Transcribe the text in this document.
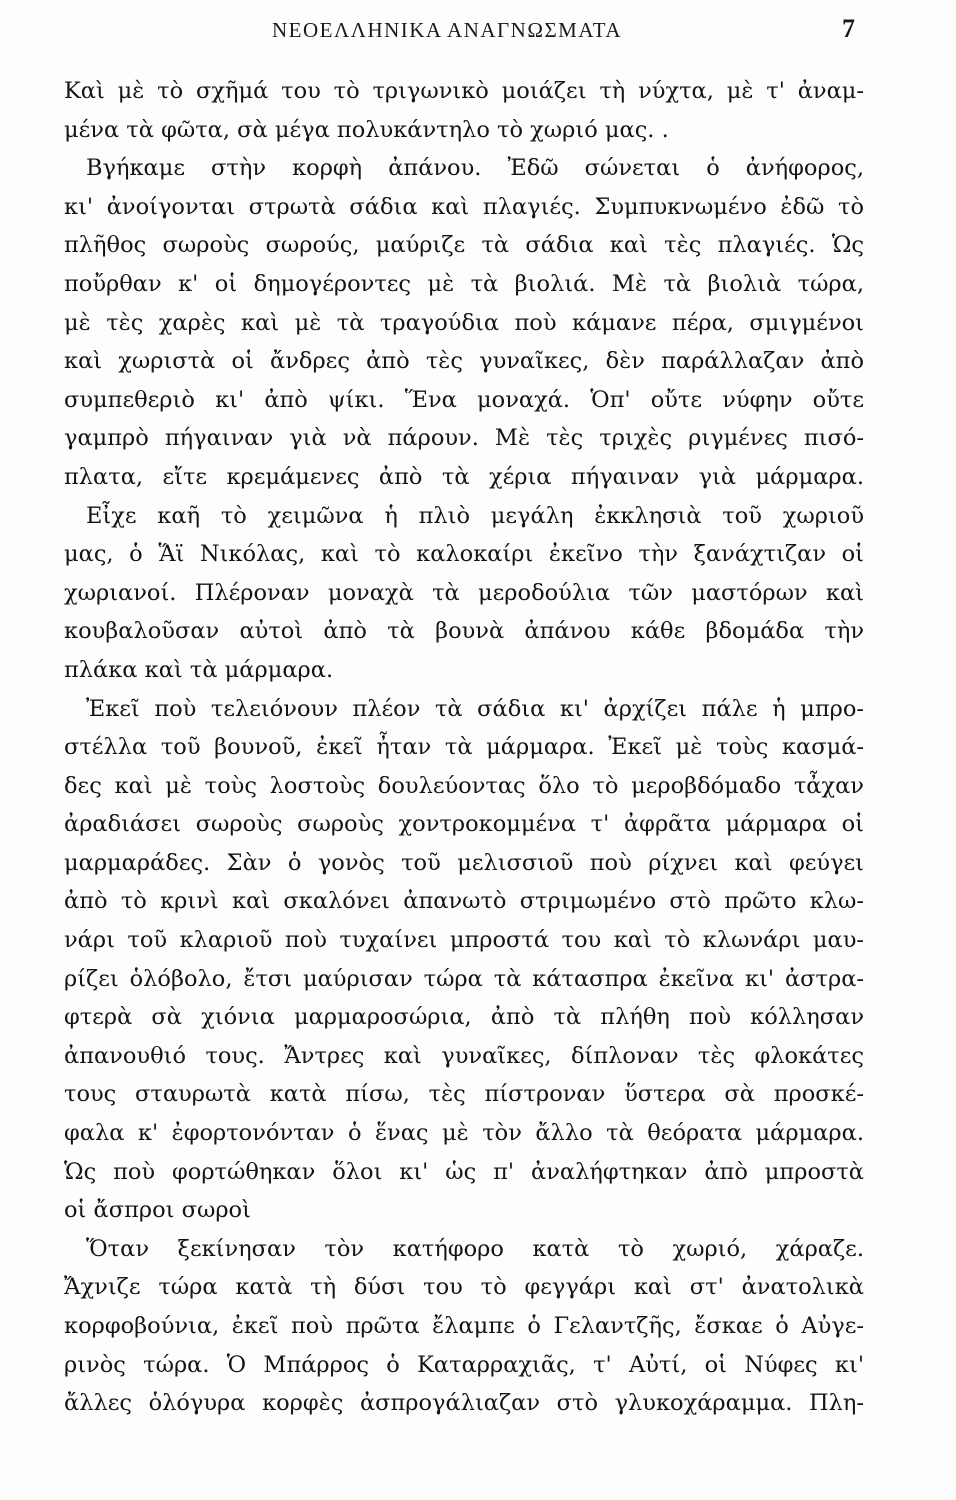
ΝΕΟΕΛΛΗΝΙΚΑ ΑΝΑΓΝΩΣΜΑΤΑ	7
Καὶ μὲ τὸ σχῆμά του τὸ τριγωνικὸ μοιάζει τὴ νύχτα, μὲ τ' ἀναμ-
μένα τὰ φῶτα, σὰ μέγα πολυκάντηλο τὸ χωριό μας. .
Βγήκαμε στὴν κορφὴ ἀπάνου. Ἐδῶ σώνεται ὁ ἀνήφορος,
κι' ἀνοίγονται στρωτὰ σάδια καὶ πλαγιές. Συμπυκνωμένο ἐδῶ τὸ
πλῆθος σωροὺς σωρούς, μαύριζε τὰ σάδια καὶ τὲς πλαγιές. Ὡς
ποὔρθαν κ' οἱ δημογέροντες μὲ τὰ βιολιά. Μὲ τὰ βιολιὰ τώρα,
μὲ τὲς χαρὲς καὶ μὲ τὰ τραγούδια ποὺ κάμανε πέρα, σμιγμένοι
καὶ χωριστὰ οἱ ἄνδρες ἀπὸ τὲς γυναῖκες, δὲν παράλλαζαν ἀπὸ
συμπεθεριὸ κι' ἀπὸ ψίκι. Ἕνα μοναχά. Ὁπ' οὔτε νύφην οὔτε
γαμπρὸ πήγαιναν γιὰ νὰ πάρουν. Μὲ τὲς τριχὲς ριγμένες πισό-
πλατα, εἴτε κρεμάμενες ἀπὸ τὰ χέρια πήγαιναν γιὰ μάρμαρα.
Εἶχε καῆ τὸ χειμῶνα ἡ πλιὸ μεγάλη ἐκκλησιὰ τοῦ χωριοῦ
μας, ὁ Ἅϊ Νικόλας, καὶ τὸ καλοκαίρι ἐκεῖνο τὴν ξανάχτιζαν οἱ
χωριανοί. Πλέροναν μοναχὰ τὰ μεροδούλια τῶν μαστόρων καὶ
κουβαλοῦσαν αὐτοὶ ἀπὸ τὰ βουνὰ ἀπάνου κάθε βδομάδα τὴν
πλάκα καὶ τὰ μάρμαρα.
Ἐκεῖ ποὺ τελειόνουν πλέον τὰ σάδια κι' ἀρχίζει πάλε ἡ μπρο-
στέλλα τοῦ βουνοῦ, ἐκεῖ ἦταν τὰ μάρμαρα. Ἐκεῖ μὲ τοὺς κασμά-
δες καὶ μὲ τοὺς λοστοὺς δουλεύοντας ὅλο τὸ μεροβδόμαδο τἆχαν
ἀραδιάσει σωροὺς σωροὺς χοντροκομμένα τ' ἀφρᾶτα μάρμαρα οἱ
μαρμαράδες. Σὰν ὁ γονὸς τοῦ μελισσιοῦ ποὺ ρίχνει καὶ φεύγει
ἀπὸ τὸ κρινὶ καὶ σκαλόνει ἀπανωτὸ στριμωμένο στὸ πρῶτο κλω-
νάρι τοῦ κλαριοῦ ποὺ τυχαίνει μπροστά του καὶ τὸ κλωνάρι μαυ-
ρίζει ὁλόβολο, ἔτσι μαύρισαν τώρα τὰ κάτασπρα ἐκεῖνα κι' ἀστρα-
φτερὰ σὰ χιόνια μαρμαροσώρια, ἀπὸ τὰ πλήθη ποὺ κόλλησαν
ἀπανουθιό τους. Ἄντρες καὶ γυναῖκες, δίπλοναν τὲς φλοκάτες
τους σταυρωτὰ κατὰ πίσω, τὲς πίστροναν ὕστερα σὰ προσκέ-
φαλα κ' ἐφορτονόνταν ὁ ἕνας μὲ τὸν ἄλλο τὰ θεόρατα μάρμαρα.
Ὡς ποὺ φορτώθηκαν ὅλοι κι' ὡς π' ἀναλήφτηκαν ἀπὸ μπροστὰ
οἱ ἄσπροι σωροὶ
Ὅταν ξεκίνησαν τὸν κατήφορο κατὰ τὸ χωριό, χάραζε.
Ἄχνιζε τώρα κατὰ τὴ δύσι του τὸ φεγγάρι καὶ στ' ἀνατολικὰ
κορφοβούνια, ἐκεῖ ποὺ πρῶτα ἔλαμπε ὁ Γελαντζῆς, ἔσκαε ὁ Αὐγε-
ρινὸς τώρα. Ὁ Μπάρρος ὁ Καταρραχιᾶς, τ' Αὐτί, οἱ Νύφες κι'
ἄλλες ὁλόγυρα κορφὲς ἀσπρογάλιαζαν στὸ γλυκοχάραμμα. Πλη-
